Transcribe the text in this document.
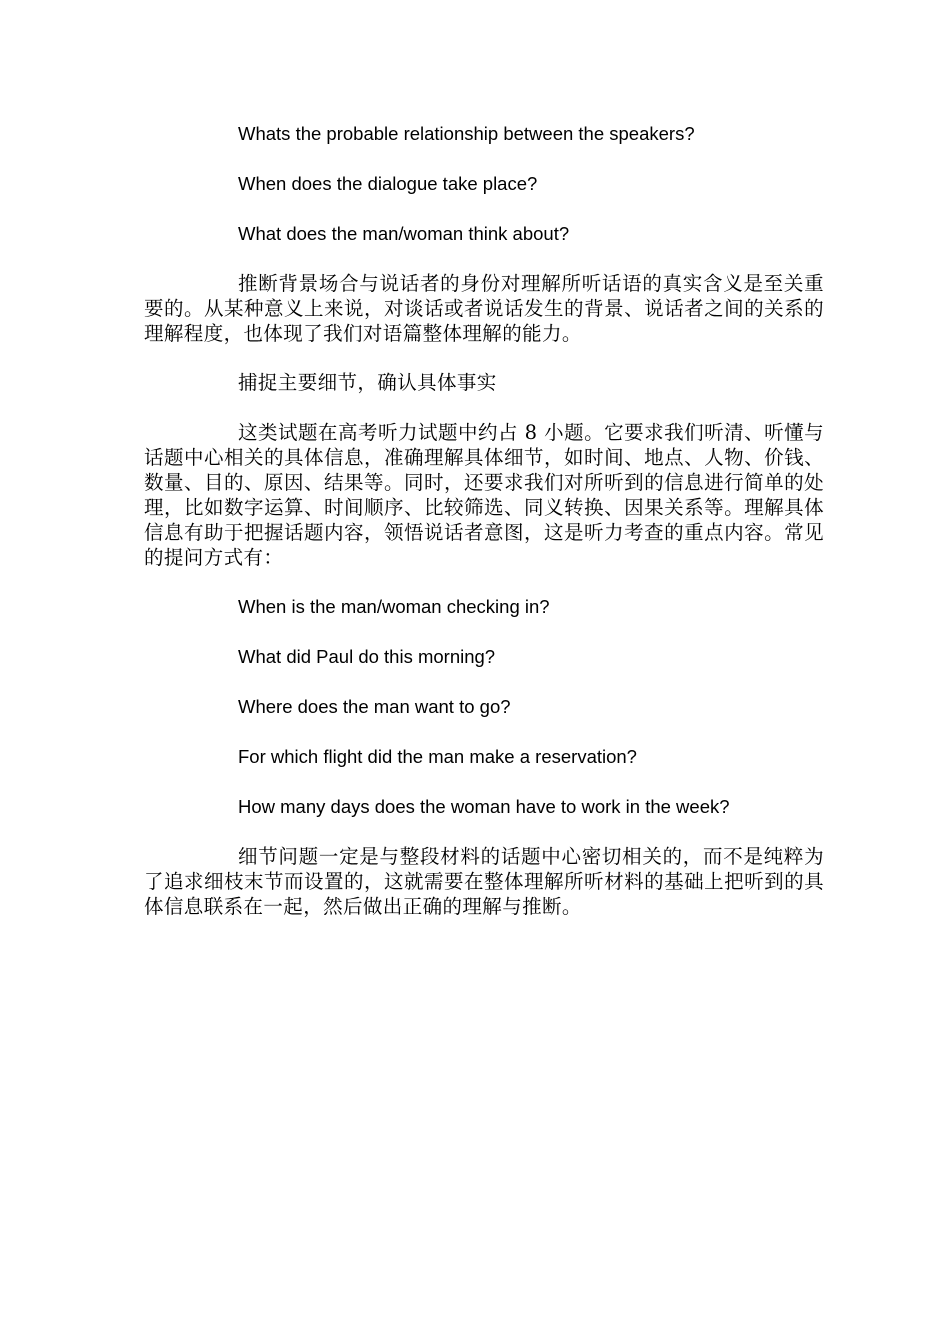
Whats the probable relationship between the speakers?

When does the dialogue take place?

What does the man/woman think about?

推断背景场合与说话者的身份对理解所听话语的真实含义是至关重要的。从某种意义上来说，对谈话或者说话发生的背景、说话者之间的关系的理解程度，也体现了我们对语篇整体理解的能力。

捕捉主要细节，确认具体事实

这类试题在高考听力试题中约占 8 小题。它要求我们听清、听懂与话题中心相关的具体信息，准确理解具体细节，如时间、地点、人物、价钱、数量、目的、原因、结果等。同时，还要求我们对所听到的信息进行简单的处理，比如数字运算、时间顺序、比较筛选、同义转换、因果关系等。理解具体信息有助于把握话题内容，领悟说话者意图，这是听力考查的重点内容。常见的提问方式有：

When is the man/woman checking in?

What did Paul do this morning?

Where does the man want to go?

For which flight did the man make a reservation?

How many days does the woman have to work in the week?

细节问题一定是与整段材料的话题中心密切相关的，而不是纯粹为了追求细枝末节而设置的，这就需要在整体理解所听材料的基础上把听到的具体信息联系在一起，然后做出正确的理解与推断。
